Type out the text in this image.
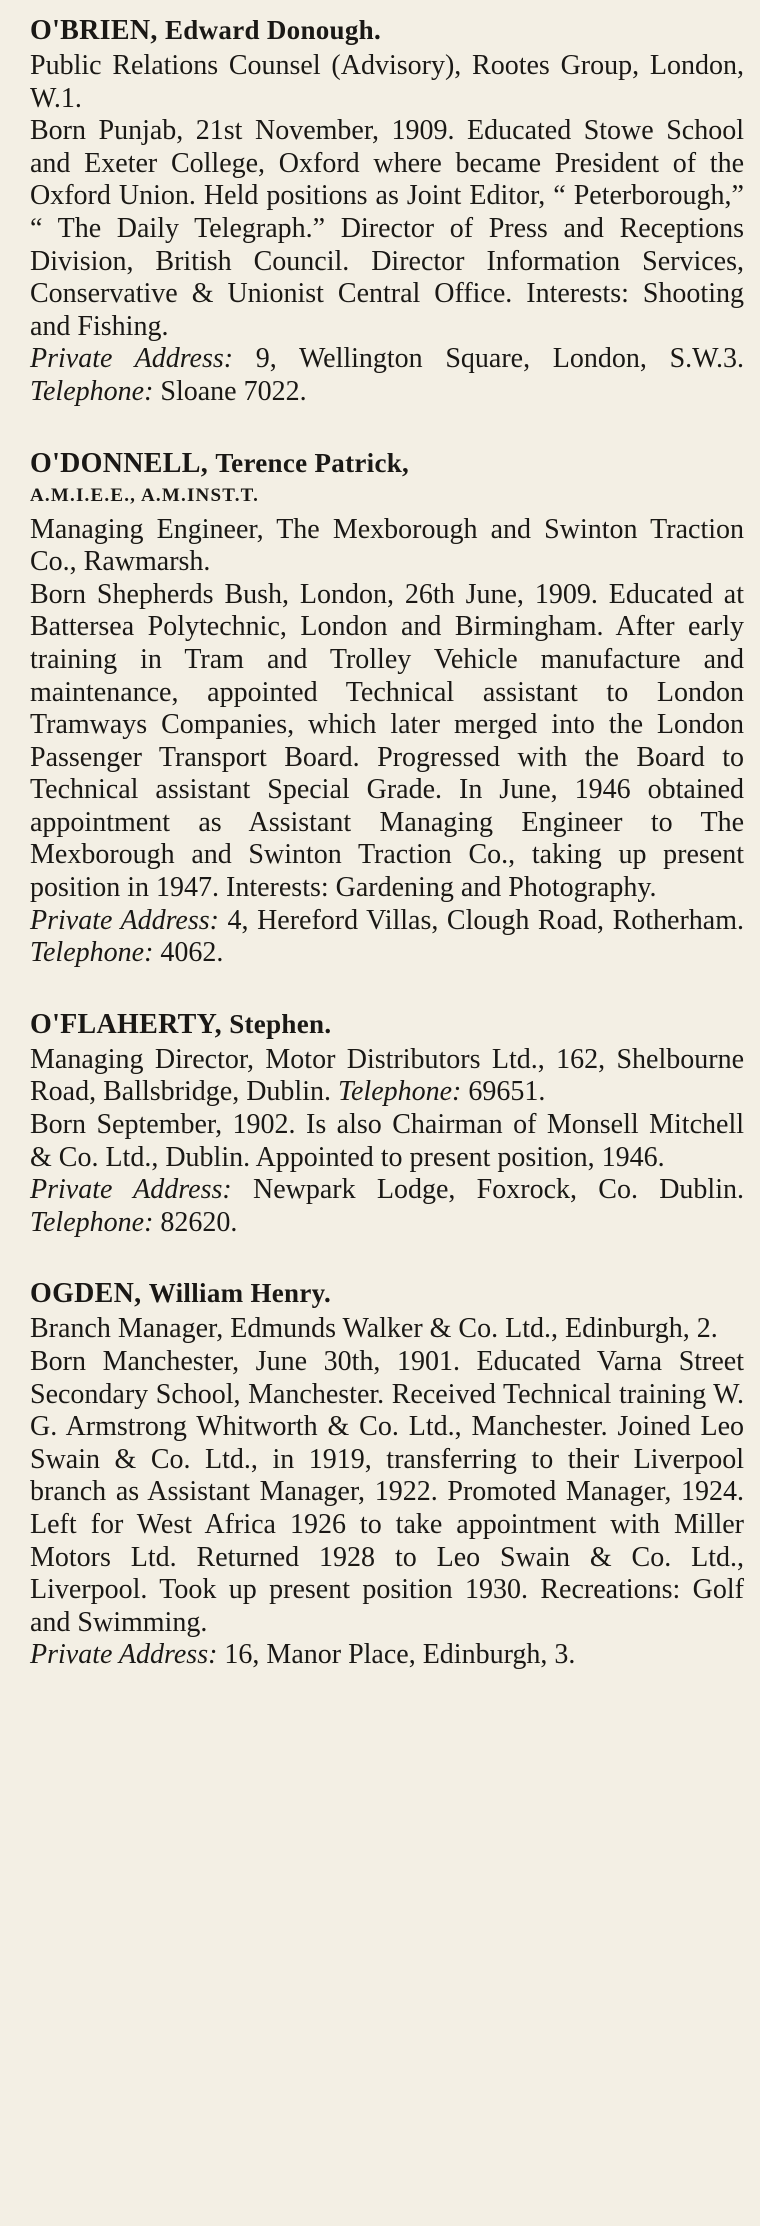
O'BRIEN, Edward Donough.

Public Relations Counsel (Advisory), Rootes Group, London, W.1.

Born Punjab, 21st November, 1909. Educated Stowe School and Exeter College, Oxford where became President of the Oxford Union. Held positions as Joint Editor, “ Peterborough,” “ The Daily Telegraph.” Director of Press and Receptions Division, British Council. Director Information Services, Conservative & Unionist Central Office. Interests: Shooting and Fishing.

Private Address: 9, Wellington Square, London, S.W.3. Telephone: Sloane 7022.

O'DONNELL, Terence Patrick,
A.M.I.E.E., A.M.INST.T.

Managing Engineer, The Mexborough and Swinton Traction Co., Rawmarsh.

Born Shepherds Bush, London, 26th June, 1909. Educated at Battersea Polytechnic, London and Birmingham. After early training in Tram and Trolley Vehicle manufacture and maintenance, appointed Technical assistant to London Tramways Companies, which later merged into the London Passenger Transport Board. Progressed with the Board to Technical assistant Special Grade. In June, 1946 obtained appointment as Assistant Managing Engineer to The Mexborough and Swinton Traction Co., taking up present position in 1947. Interests: Gardening and Photography.

Private Address: 4, Hereford Villas, Clough Road, Rotherham. Telephone: 4062.

O'FLAHERTY, Stephen.

Managing Director, Motor Distributors Ltd., 162, Shelbourne Road, Ballsbridge, Dublin. Telephone: 69651.

Born September, 1902. Is also Chairman of Monsell Mitchell & Co. Ltd., Dublin. Appointed to present position, 1946.

Private Address: Newpark Lodge, Foxrock, Co. Dublin. Telephone: 82620.

OGDEN, William Henry.

Branch Manager, Edmunds Walker & Co. Ltd., Edinburgh, 2.

Born Manchester, June 30th, 1901. Educated Varna Street Secondary School, Manchester. Received Technical training W. G. Armstrong Whitworth & Co. Ltd., Manchester. Joined Leo Swain & Co. Ltd., in 1919, transferring to their Liverpool branch as Assistant Manager, 1922. Promoted Manager, 1924. Left for West Africa 1926 to take appointment with Miller Motors Ltd. Returned 1928 to Leo Swain & Co. Ltd., Liverpool. Took up present position 1930. Recreations: Golf and Swimming.

Private Address: 16, Manor Place, Edinburgh, 3.
